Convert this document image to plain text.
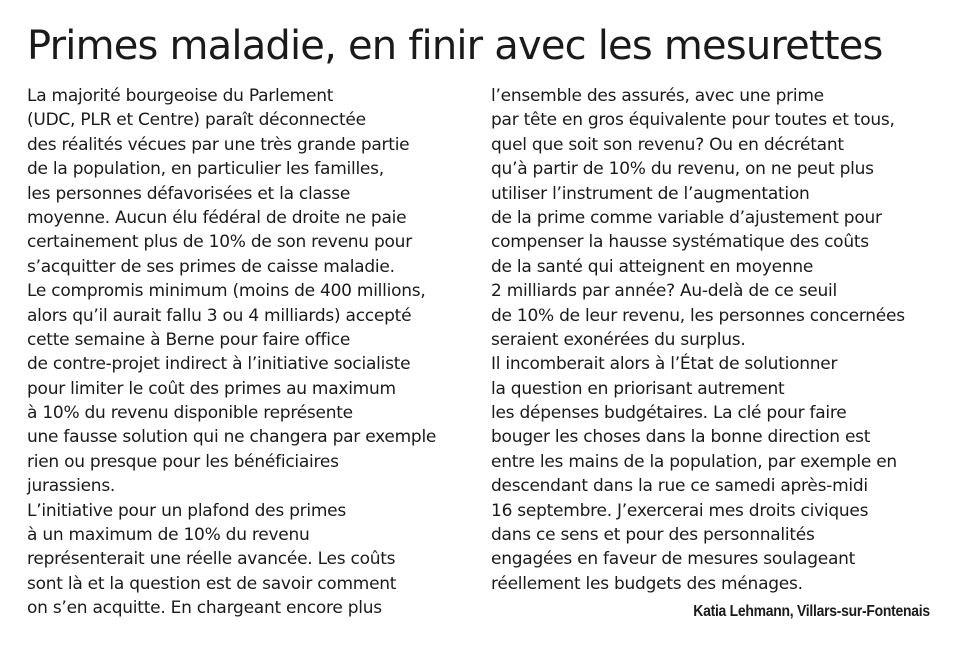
Primes maladie, en finir avec les mesurettes
La majorité bourgeoise du Parlement
(UDC, PLR et Centre) paraît déconnectée
des réalités vécues par une très grande partie
de la population, en particulier les familles,
les personnes défavorisées et la classe
moyenne. Aucun élu fédéral de droite ne paie
certainement plus de 10% de son revenu pour
s’acquitter de ses primes de caisse maladie.
Le compromis minimum (moins de 400 millions,
alors qu’il aurait fallu 3 ou 4 milliards) accepté
cette semaine à Berne pour faire office
de contre-projet indirect à l’initiative socialiste
pour limiter le coût des primes au maximum
à 10% du revenu disponible représente
une fausse solution qui ne changera par exemple
rien ou presque pour les bénéficiaires
jurassiens.
L’initiative pour un plafond des primes
à un maximum de 10% du revenu
représenterait une réelle avancée. Les coûts
sont là et la question est de savoir comment
on s’en acquitte. En chargeant encore plus
l’ensemble des assurés, avec une prime
par tête en gros équivalente pour toutes et tous,
quel que soit son revenu? Ou en décrétant
qu’à partir de 10% du revenu, on ne peut plus
utiliser l’instrument de l’augmentation
de la prime comme variable d’ajustement pour
compenser la hausse systématique des coûts
de la santé qui atteignent en moyenne
2 milliards par année? Au-delà de ce seuil
de 10% de leur revenu, les personnes concernées
seraient exonérées du surplus.
Il incomberait alors à l’État de solutionner
la question en priorisant autrement
les dépenses budgétaires. La clé pour faire
bouger les choses dans la bonne direction est
entre les mains de la population, par exemple en
descendant dans la rue ce samedi après-midi
16 septembre. J’exercerai mes droits civiques
dans ce sens et pour des personnalités
engagées en faveur de mesures soulageant
réellement les budgets des ménages.
Katia Lehmann, Villars-sur-Fontenais
